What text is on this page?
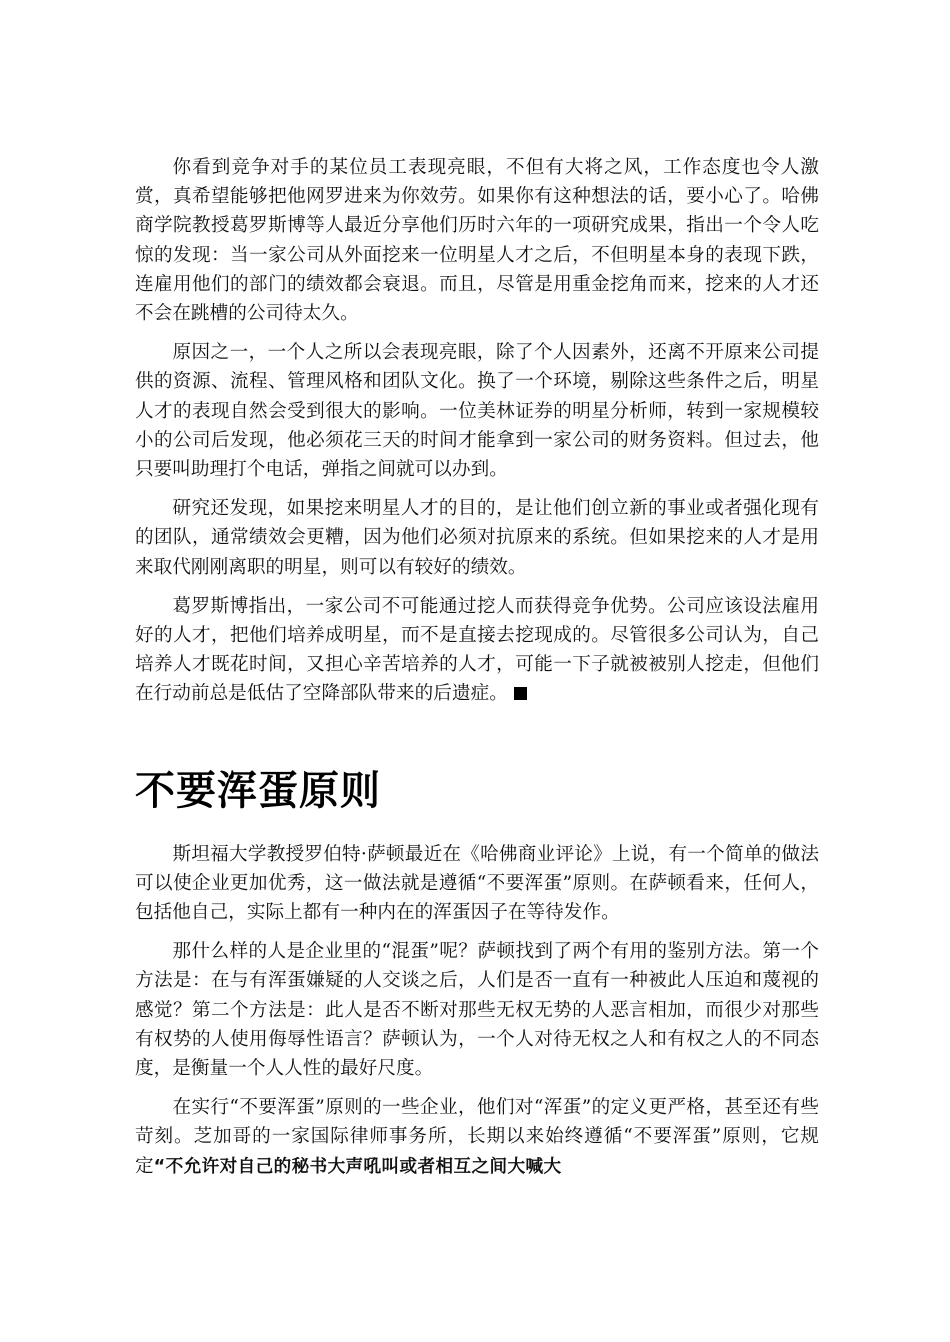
你看到竞争对手的某位员工表现亮眼，不但有大将之风，工作态度也令人激赏，真希望能够把他网罗进来为你效劳。如果你有这种想法的话，要小心了。哈佛商学院教授葛罗斯博等人最近分享他们历时六年的一项研究成果，指出一个令人吃惊的发现：当一家公司从外面挖来一位明星人才之后，不但明星本身的表现下跌，连雇用他们的部门的绩效都会衰退。而且，尽管是用重金挖角而来，挖来的人才还不会在跳槽的公司待太久。

原因之一，一个人之所以会表现亮眼，除了个人因素外，还离不开原来公司提供的资源、流程、管理风格和团队文化。换了一个环境，剔除这些条件之后，明星人才的表现自然会受到很大的影响。一位美林证券的明星分析师，转到一家规模较小的公司后发现，他必须花三天的时间才能拿到一家公司的财务资料。但过去，他只要叫助理打个电话，弹指之间就可以办到。

研究还发现，如果挖来明星人才的目的，是让他们创立新的事业或者强化现有的团队，通常绩效会更糟，因为他们必须对抗原来的系统。但如果挖来的人才是用来取代刚刚离职的明星，则可以有较好的绩效。

葛罗斯博指出，一家公司不可能通过挖人而获得竞争优势。公司应该设法雇用好的人才，把他们培养成明星，而不是直接去挖现成的。尽管很多公司认为，自己培养人才既花时间，又担心辛苦培养的人才，可能一下子就被被别人挖走，但他们在行动前总是低估了空降部队带来的后遗症。

不要浑蛋原则

斯坦福大学教授罗伯特·萨顿最近在《哈佛商业评论》上说，有一个简单的做法可以使企业更加优秀，这一做法就是遵循“不要浑蛋”原则。在萨顿看来，任何人，包括他自己，实际上都有一种内在的浑蛋因子在等待发作。

那什么样的人是企业里的“混蛋”呢？萨顿找到了两个有用的鉴别方法。第一个方法是：在与有浑蛋嫌疑的人交谈之后，人们是否一直有一种被此人压迫和蔑视的感觉？第二个方法是：此人是否不断对那些无权无势的人恶言相加，而很少对那些有权势的人使用侮辱性语言？萨顿认为，一个人对待无权之人和有权之人的不同态度，是衡量一个人人性的最好尺度。

在实行“不要浑蛋”原则的一些企业，他们对“浑蛋”的定义更严格，甚至还有些苛刻。芝加哥的一家国际律师事务所，长期以来始终遵循“不要浑蛋”原则，它规定“不允许对自己的秘书大声吼叫或者相互之间大喊大
